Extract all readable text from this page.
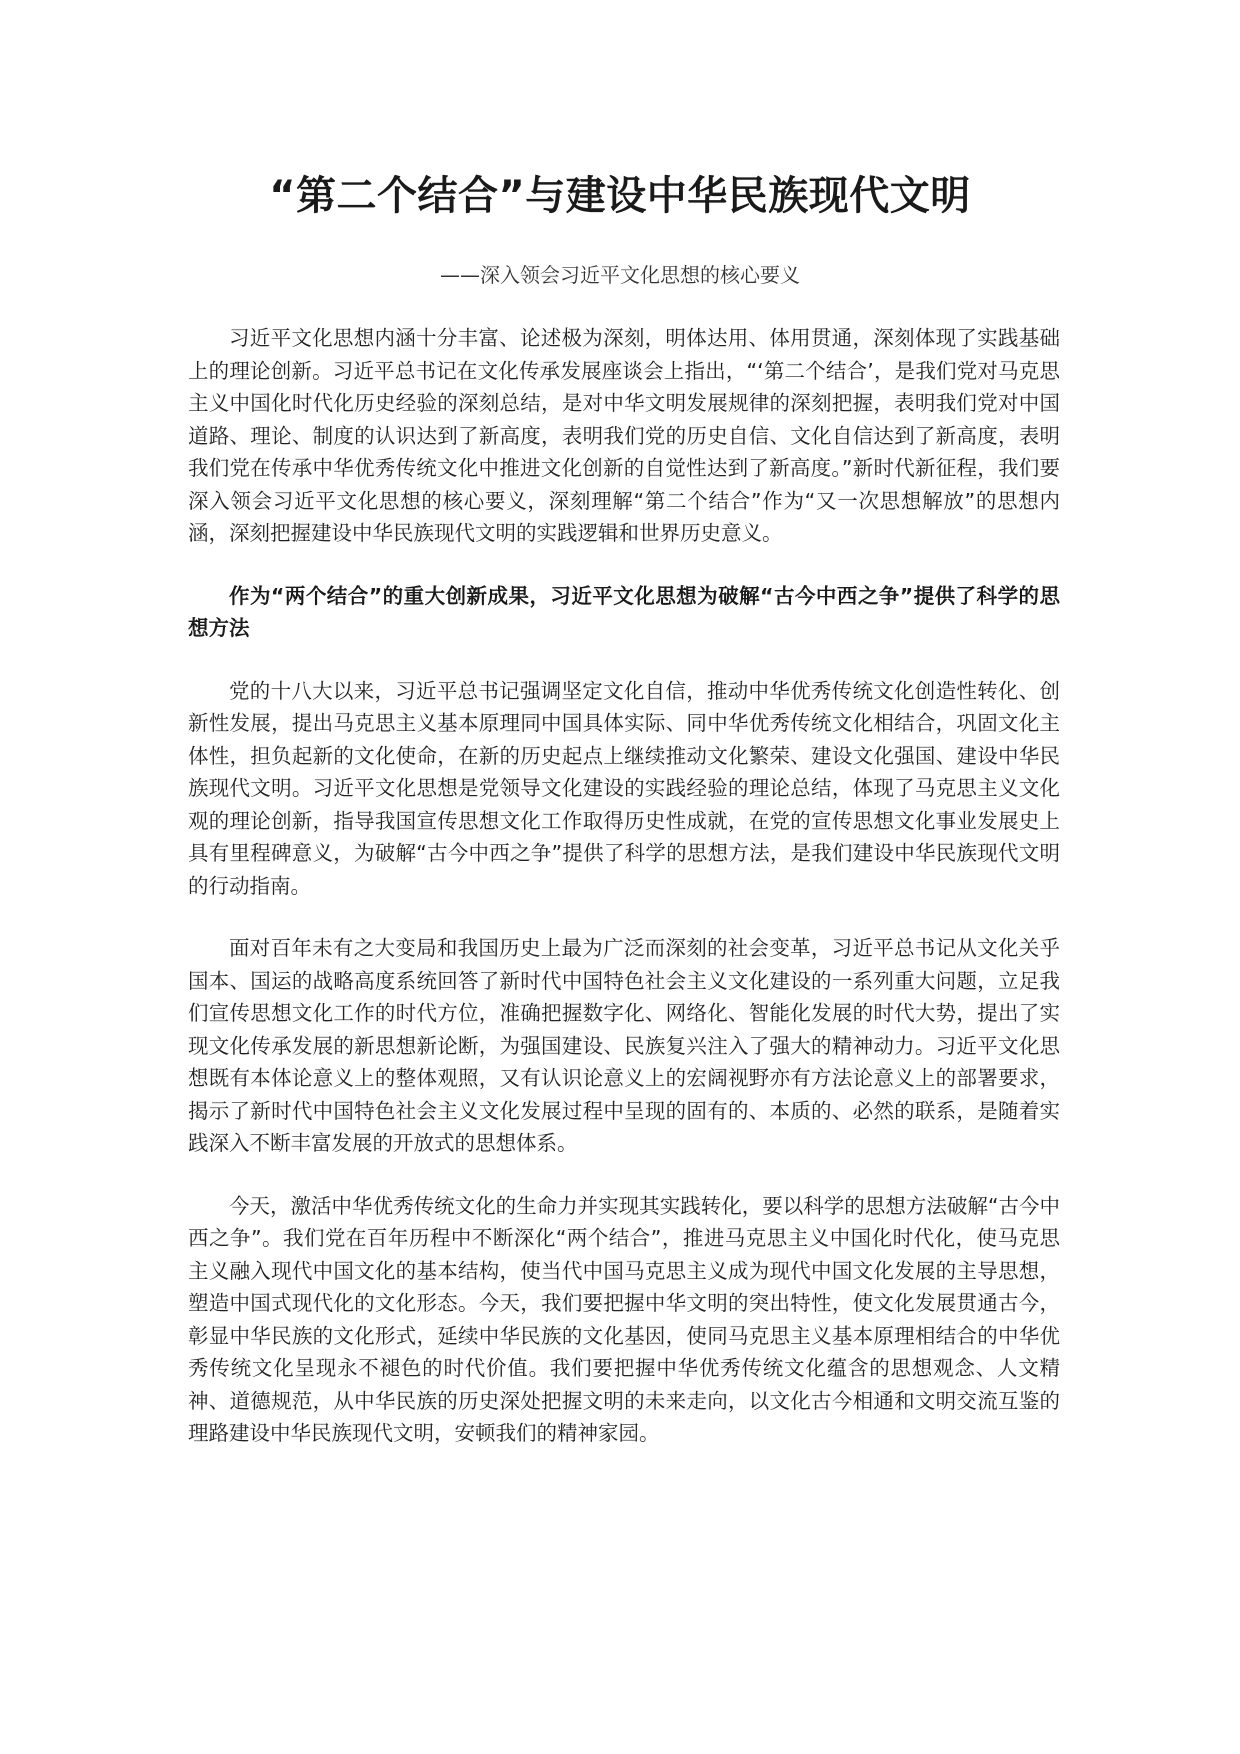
“第二个结合”与建设中华民族现代文明
——深入领会习近平文化思想的核心要义

习近平文化思想内涵十分丰富、论述极为深刻，明体达用、体用贯通，深刻体现了实践基础上的理论创新。习近平总书记在文化传承发展座谈会上指出，“‘第二个结合’，是我们党对马克思主义中国化时代化历史经验的深刻总结，是对中华文明发展规律的深刻把握，表明我们党对中国道路、理论、制度的认识达到了新高度，表明我们党的历史自信、文化自信达到了新高度，表明我们党在传承中华优秀传统文化中推进文化创新的自觉性达到了新高度。”新时代新征程，我们要深入领会习近平文化思想的核心要义，深刻理解“第二个结合”作为“又一次思想解放”的思想内涵，深刻把握建设中华民族现代文明的实践逻辑和世界历史意义。

作为“两个结合”的重大创新成果，习近平文化思想为破解“古今中西之争”提供了科学的思想方法

党的十八大以来，习近平总书记强调坚定文化自信，推动中华优秀传统文化创造性转化、创新性发展，提出马克思主义基本原理同中国具体实际、同中华优秀传统文化相结合，巩固文化主体性，担负起新的文化使命，在新的历史起点上继续推动文化繁荣、建设文化强国、建设中华民族现代文明。习近平文化思想是党领导文化建设的实践经验的理论总结，体现了马克思主义文化观的理论创新，指导我国宣传思想文化工作取得历史性成就，在党的宣传思想文化事业发展史上具有里程碑意义，为破解“古今中西之争”提供了科学的思想方法，是我们建设中华民族现代文明的行动指南。

面对百年未有之大变局和我国历史上最为广泛而深刻的社会变革，习近平总书记从文化关乎国本、国运的战略高度系统回答了新时代中国特色社会主义文化建设的一系列重大问题，立足我们宣传思想文化工作的时代方位，准确把握数字化、网络化、智能化发展的时代大势，提出了实现文化传承发展的新思想新论断，为强国建设、民族复兴注入了强大的精神动力。习近平文化思想既有本体论意义上的整体观照，又有认识论意义上的宏阔视野亦有方法论意义上的部署要求，揭示了新时代中国特色社会主义文化发展过程中呈现的固有的、本质的、必然的联系，是随着实践深入不断丰富发展的开放式的思想体系。

今天，激活中华优秀传统文化的生命力并实现其实践转化，要以科学的思想方法破解“古今中西之争”。我们党在百年历程中不断深化“两个结合”，推进马克思主义中国化时代化，使马克思主义融入现代中国文化的基本结构，使当代中国马克思主义成为现代中国文化发展的主导思想，塑造中国式现代化的文化形态。今天，我们要把握中华文明的突出特性，使文化发展贯通古今，彰显中华民族的文化形式，延续中华民族的文化基因，使同马克思主义基本原理相结合的中华优秀传统文化呈现永不褪色的时代价值。我们要把握中华优秀传统文化蕴含的思想观念、人文精神、道德规范，从中华民族的历史深处把握文明的未来走向，以文化古今相通和文明交流互鉴的理路建设中华民族现代文明，安顿我们的精神家园。
